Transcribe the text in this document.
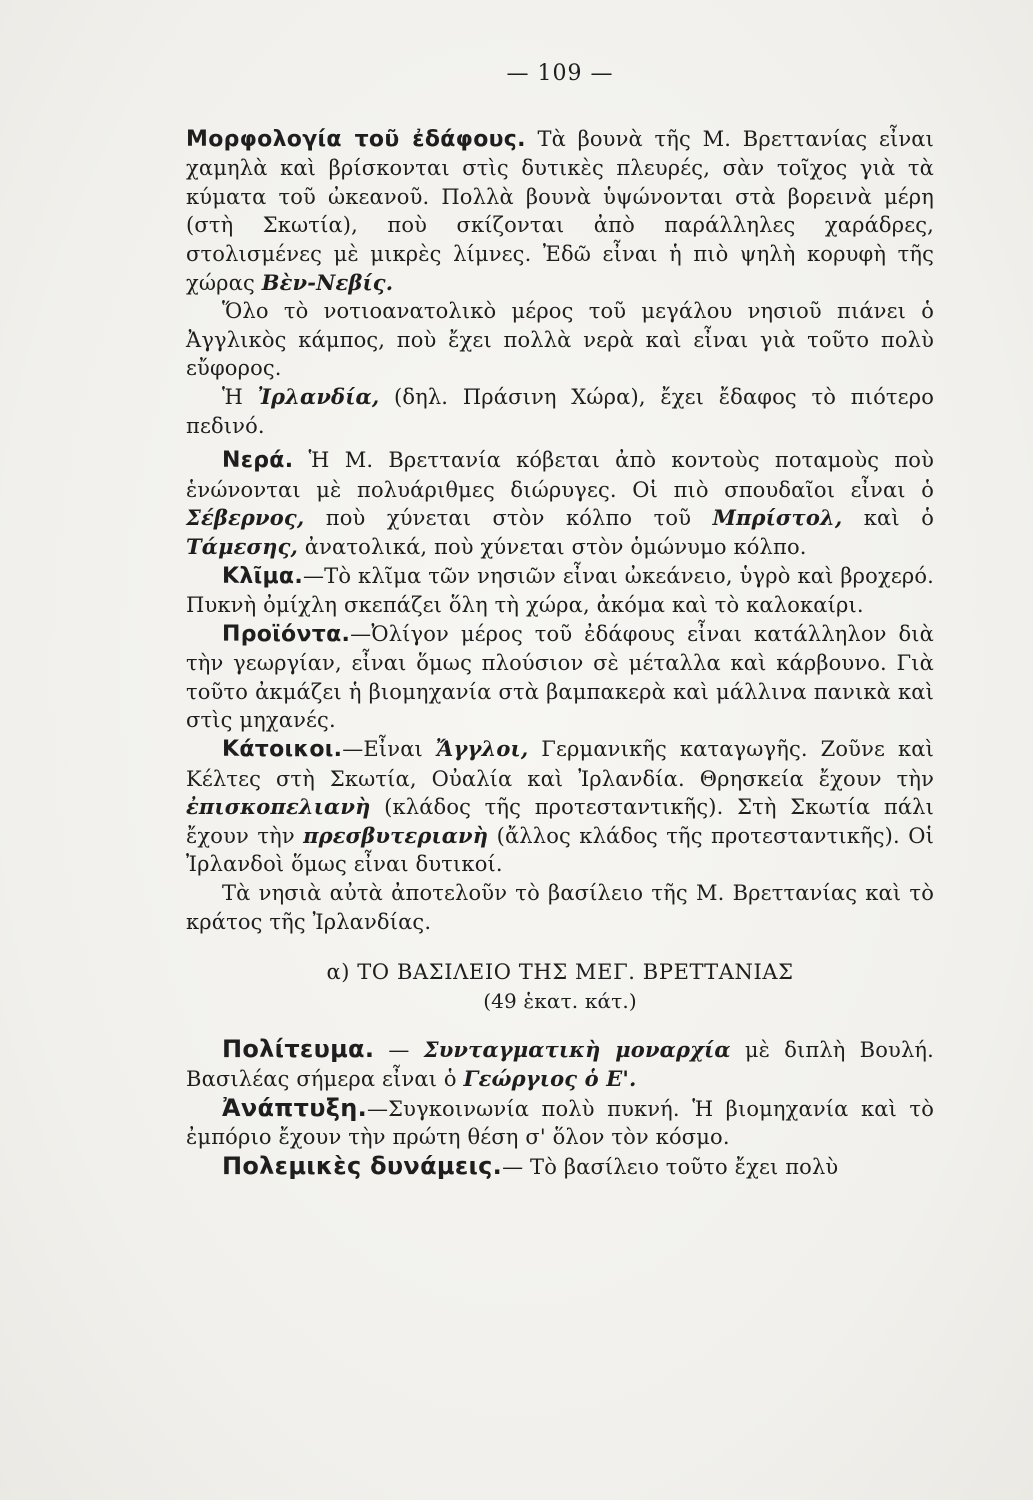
— 109 —

Μορφολογία τοῦ ἐδάφους. Τὰ βουνὰ τῆς Μ. Βρεττανίας εἶναι χαμηλὰ καὶ βρίσκονται στὶς δυτικὲς πλευρές, σὰν τοῖχος γιὰ τὰ κύματα τοῦ ὠκεανοῦ. Πολλὰ βουνὰ ὑψώνονται στὰ βορεινὰ μέρη (στὴ Σκωτία), ποὺ σκίζονται ἀπὸ παράλληλες χαράδρες, στολισμένες μὲ μικρὲς λίμνες. Ἐδῶ εἶναι ἡ πιὸ ψηλὴ κορυφὴ τῆς χώρας Βὲν-Νεβίς.

Ὅλο τὸ νοτιοανατολικὸ μέρος τοῦ μεγάλου νησιοῦ πιάνει ὁ Ἀγγλικὸς κάμπος, ποὺ ἔχει πολλὰ νερὰ καὶ εἶναι γιὰ τοῦτο πολὺ εὔφορος.

Ἡ Ἰρλανδία, (δηλ. Πράσινη Χώρα), ἔχει ἔδαφος τὸ πιότερο πεδινό.

Νερά. Ἡ Μ. Βρεττανία κόβεται ἀπὸ κοντοὺς ποταμοὺς ποὺ ἑνώνονται μὲ πολυάριθμες διώρυγες. Οἱ πιὸ σπουδαῖοι εἶναι ὁ Σέβερνος, ποὺ χύνεται στὸν κόλπο τοῦ Μπρίστολ, καὶ ὁ Τάμεσης, ἀνατολικά, ποὺ χύνεται στὸν ὁμώνυμο κόλπο.

Κλῖμα.—Τὸ κλῖμα τῶν νησιῶν εἶναι ὠκεάνειο, ὑγρὸ καὶ βροχερό. Πυκνὴ ὀμίχλη σκεπάζει ὅλη τὴ χώρα, ἀκόμα καὶ τὸ καλοκαίρι.

Προϊόντα.—Ὀλίγον μέρος τοῦ ἐδάφους εἶναι κατάλληλον διὰ τὴν γεωργίαν, εἶναι ὅμως πλούσιον σὲ μέταλλα καὶ κάρβουνο. Γιὰ τοῦτο ἀκμάζει ἡ βιομηχανία στὰ βαμπακερὰ καὶ μάλλινα πανικὰ καὶ στὶς μηχανές.

Κάτοικοι.—Εἶναι Ἄγγλοι, Γερμανικῆς καταγωγῆς. Ζοῦνε καὶ Κέλτες στὴ Σκωτία, Οὐαλία καὶ Ἰρλανδία. Θρησκεία ἔχουν τὴν ἐπισκοπελιανὴ (κλάδος τῆς προτεσταντικῆς). Στὴ Σκωτία πάλι ἔχουν τὴν πρεσβυτεριανὴ (ἄλλος κλάδος τῆς προτεσταντικῆς). Οἱ Ἰρλανδοὶ ὅμως εἶναι δυτικοί.

Τὰ νησιὰ αὐτὰ ἀποτελοῦν τὸ βασίλειο τῆς Μ. Βρεττανίας καὶ τὸ κράτος τῆς Ἰρλανδίας.

α) ΤΟ ΒΑΣΙΛΕΙΟ ΤΗΣ ΜΕΓ. ΒΡΕΤΤΑΝΙΑΣ

(49 ἑκατ. κάτ.)

Πολίτευμα. — Συνταγματικὴ μοναρχία μὲ διπλὴ Βουλή. Βασιλέας σήμερα εἶναι ὁ Γεώργιος ὁ Ε'.

Ἀνάπτυξη.—Συγκοινωνία πολὺ πυκνή. Ἡ βιομηχανία καὶ τὸ ἐμπόριο ἔχουν τὴν πρώτη θέση σ' ὅλον τὸν κόσμο.

Πολεμικὲς δυνάμεις.— Τὸ βασίλειο τοῦτο ἔχει πολὺ
